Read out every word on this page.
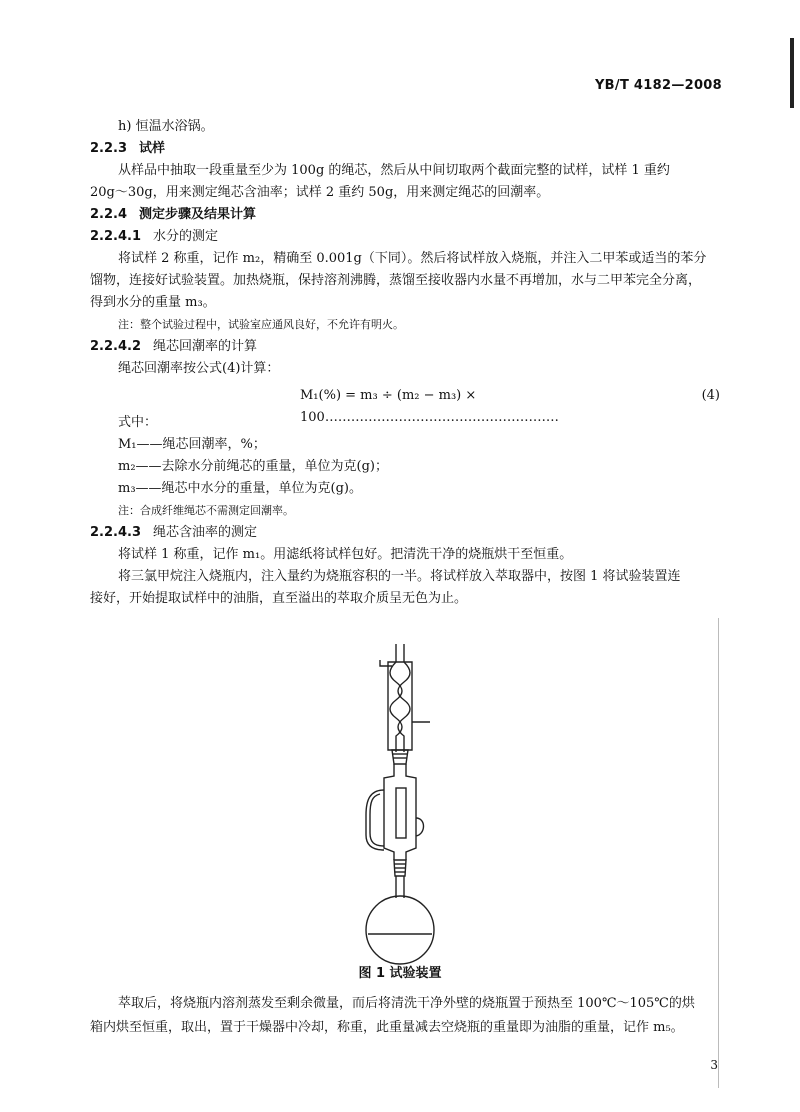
YB/T 4182—2008
h) 恒温水浴锅。
2.2.3 试样
从样品中抽取一段重量至少为 100g 的绳芯，然后从中间切取两个截面完整的试样，试样 1 重约
20g～30g，用来测定绳芯含油率；试样 2 重约 50g，用来测定绳芯的回潮率。
2.2.4 测定步骤及结果计算
2.2.4.1 水分的测定
将试样 2 称重，记作 m₂，精确至 0.001g（下同）。然后将试样放入烧瓶，并注入二甲苯或适当的苯分
馏物，连接好试验装置。加热烧瓶，保持溶剂沸腾，蒸馏至接收器内水量不再增加，水与二甲苯完全分离，
得到水分的重量 m₃。
注：整个试验过程中，试验室应通风良好，不允许有明火。
2.2.4.2 绳芯回潮率的计算
绳芯回潮率按公式(4)计算：
M₁(%) = m₃ ÷ (m₂ − m₃) × 100………………………………………………
(4)
式中：
M₁——绳芯回潮率，%；
m₂——去除水分前绳芯的重量，单位为克(g)；
m₃——绳芯中水分的重量，单位为克(g)。
注：合成纤维绳芯不需测定回潮率。
2.2.4.3 绳芯含油率的测定
将试样 1 称重，记作 m₁。用滤纸将试样包好。把清洗干净的烧瓶烘干至恒重。
将三氯甲烷注入烧瓶内，注入量约为烧瓶容积的一半。将试样放入萃取器中，按图 1 将试验装置连
接好，开始提取试样中的油脂，直至溢出的萃取介质呈无色为止。
图 1 试验装置
萃取后，将烧瓶内溶剂蒸发至剩余微量，而后将清洗干净外壁的烧瓶置于预热至 100℃～105℃的烘
箱内烘至恒重，取出，置于干燥器中冷却，称重，此重量减去空烧瓶的重量即为油脂的重量，记作 m₅。
3
